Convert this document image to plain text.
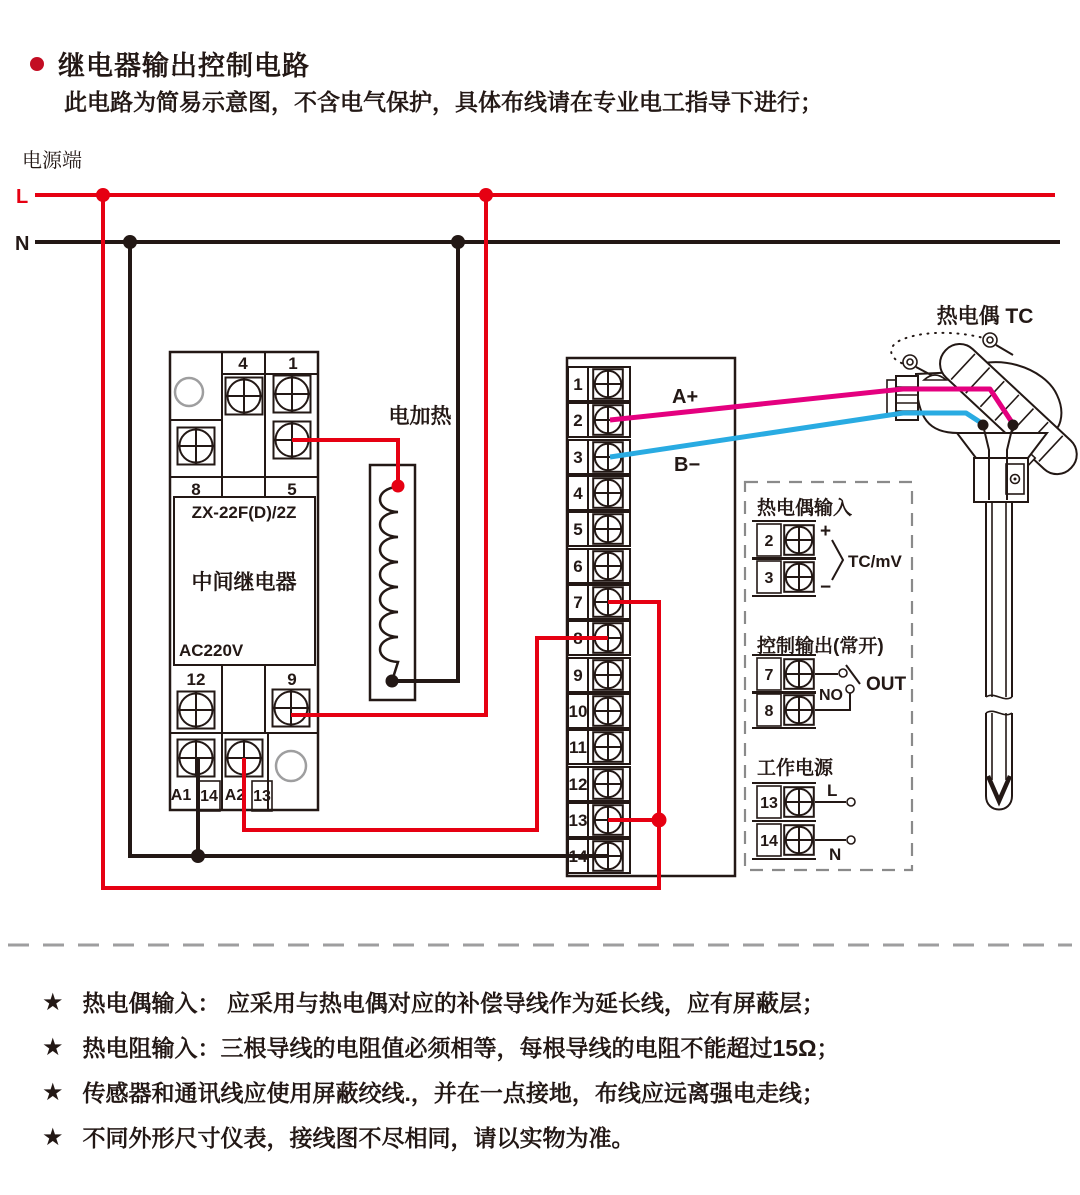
继电器输出控制电路
此电路为简易示意图，不含电气保护，具体布线请在专业电工指导下进行；
电源端
4 1
8	5
ZX-22F(D)/2Z
中间继电器
AC220V
12	9
A1 14 A2 13
电加热
1
2
3
4
5
6
7
8
9
10
11
12
13
14
A+
B−
热电偶 TC
热电偶输入
2
3
+
−
TC/mV
控制输出(常开)
7
8
NO
OUT
工作电源
13
14
L
N
L
N
★ 热电偶输入： 应采用与热电偶对应的补偿导线作为延长线，应有屏蔽层；
★ 热电阻输入：三根导线的电阻值必须相等，每根导线的电阻不能超过15Ω；
★ 传感器和通讯线应使用屏蔽绞线.，并在一点接地，布线应远离强电走线；
★ 不同外形尺寸仪表，接线图不尽相同，请以实物为准。
